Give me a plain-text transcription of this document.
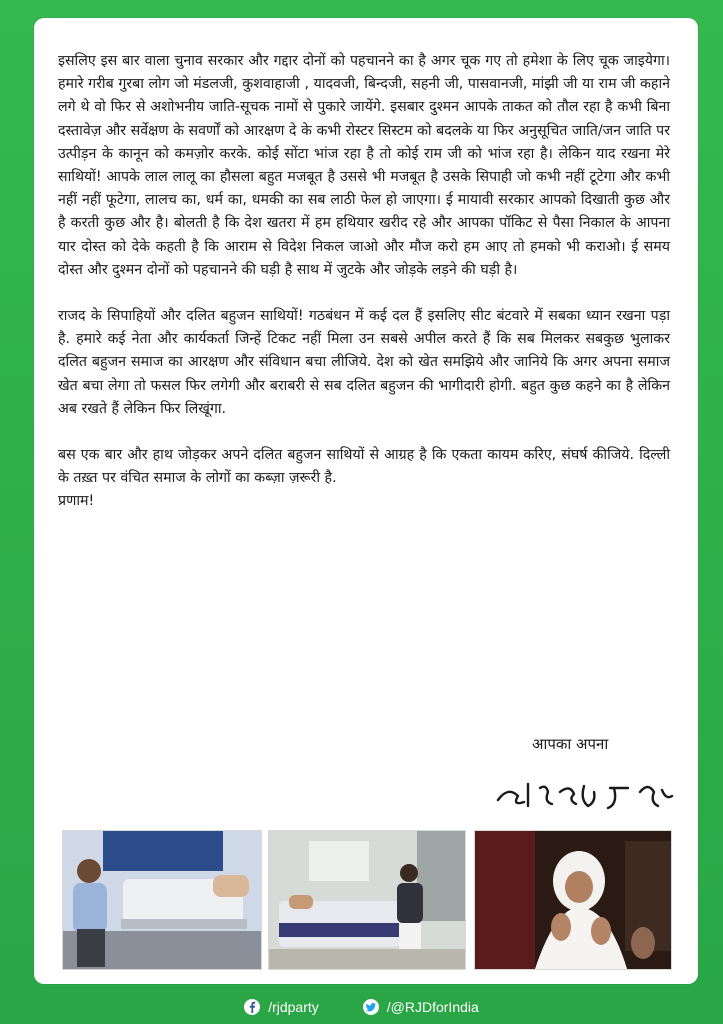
इसलिए इस बार वाला चुनाव सरकार और गद्दार दोनों को पहचानने का है अगर चूक गए तो हमेशा के लिए चूक जाइयेगा। हमारे गरीब गुरबा लोग जो मंडलजी, कुशवाहाजी , यादवजी, बिन्दजी, सहनी जी, पासवानजी, मांझी जी या राम जी कहाने लगे थे वो फिर से अशोभनीय जाति-सूचक नामों से पुकारे जायेंगे. इसबार दुश्मन आपके ताकत को तौल रहा है कभी बिना दस्तावेज़ और सर्वेक्षण के सवर्णों को आरक्षण दे के कभी रोस्टर सिस्टम को बदलके या फिर अनुसूचित जाति/जन जाति पर उत्पीड़न के कानून को कमज़ोर करके. कोई सोंटा भांज रहा है तो कोई राम जी को भांज रहा है। लेकिन याद रखना मेरे साथियों! आपके लाल लालू का हौसला बहुत मजबूत है उससे भी मजबूत है उसके सिपाही जो कभी नहीं टूटेगा और कभी नहीं नहीं फूटेगा, लालच का, धर्म का, धमकी का सब लाठी फेल हो जाएगा। ई मायावी सरकार आपको दिखाती कुछ और है करती कुछ और है। बोलती है कि देश खतरा में हम हथियार खरीद रहे और आपका पॉकिट से पैसा निकाल के आपना यार दोस्त को देके कहती है कि आराम से विदेश निकल जाओ और मौज करो हम आए तो हमको भी कराओ। ई समय दोस्त और दुश्मन दोनों को पहचानने की घड़ी है साथ में जुटके और जोड़के लड़ने की घड़ी है।

राजद के सिपाहियों और दलित बहुजन साथियों! गठबंधन में कई दल हैं इसलिए सीट बंटवारे में सबका ध्यान रखना पड़ा है. हमारे कई नेता और कार्यकर्ता जिन्हें टिकट नहीं मिला उन सबसे अपील करते हैं कि सब मिलकर सबकुछ भुलाकर दलित बहुजन समाज का आरक्षण और संविधान बचा लीजिये. देश को खेत समझिये और जानिये कि अगर अपना समाज खेत बचा लेगा तो फसल फिर लगेगी और बराबरी से सब दलित बहुजन की भागीदारी होगी. बहुत कुछ कहने का है लेकिन अब रखते हैं लेकिन फिर लिखूंगा.

बस एक बार और हाथ जोड़कर अपने दलित बहुजन साथियों से आग्रह है कि एकता कायम करिए, संघर्ष कीजिये. दिल्ली के तख़्त पर वंचित समाज के लोगों का कब्ज़ा ज़रूरी है.

प्रणाम!

आपका अपना
/rjdparty	/@RJDforIndia
